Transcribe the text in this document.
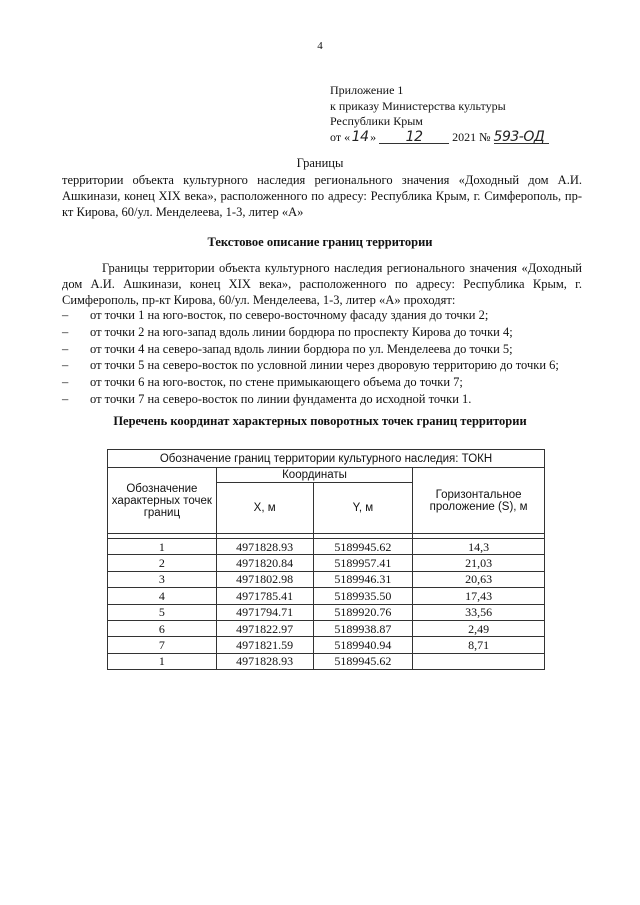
4
Приложение 1
к приказу Министерства культуры
Республики Крым
от « 14 » 12 2021 № 593-ОД
Границы
территории объекта культурного наследия регионального значения «Доходный дом А.И. Ашкинази, конец XIX века», расположенного по адресу: Республика Крым, г. Симферополь, пр-кт Кирова, 60/ул. Менделеева, 1-3, литер «А»
Текстовое описание границ территории
Границы территории объекта культурного наследия регионального значения «Доходный дом А.И. Ашкинази, конец XIX века», расположенного по адресу: Республика Крым, г. Симферополь, пр-кт Кирова, 60/ул. Менделеева, 1-3, литер «А» проходят:
– от точки 1 на юго-восток, по северо-восточному фасаду здания до точки 2;
– от точки 2 на юго-запад вдоль линии бордюра по проспекту Кирова до точки 4;
– от точки 4 на северо-запад вдоль линии бордюра по ул. Менделеева до точки 5;
– от точки 5 на северо-восток по условной линии через дворовую территорию до точки 6;
– от точки 6 на юго-восток, по стене примыкающего объема до точки 7;
– от точки 7 на северо-восток по линии фундамента до исходной точки 1.
Перечень координат характерных поворотных точек границ территории
Обозначение границ территории культурного наследия: ТОКН			
Обозначение характерных точек границ	Координаты		Горизонтальное проложение (S), м
	X, м	Y, м	

1	4971828.93	5189945.62	14,3
2	4971820.84	5189957.41	21,03
3	4971802.98	5189946.31	20,63
4	4971785.41	5189935.50	17,43
5	4971794.71	5189920.76	33,56
6	4971822.97	5189938.87	2,49
7	4971821.59	5189940.94	8,71
1	4971828.93	5189945.62	
